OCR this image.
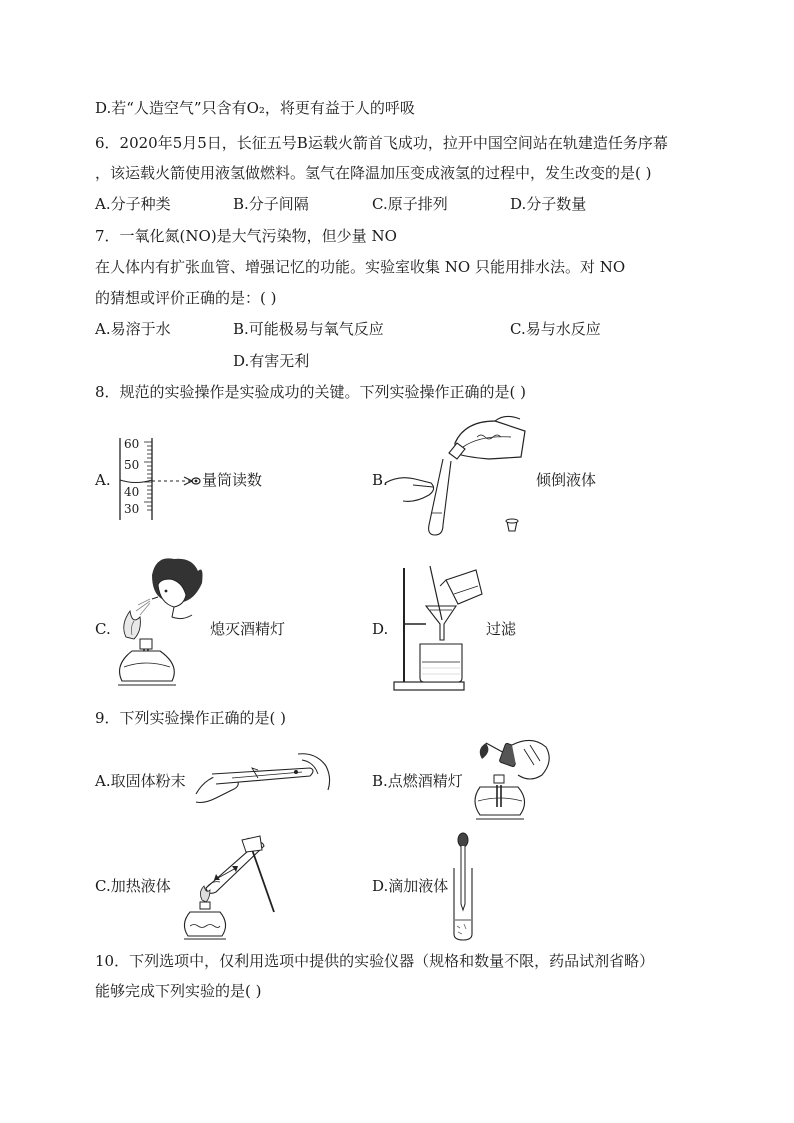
D.若“人造空气”只含有O₂，将更有益于人的呼吸
6．2020年5月5日，长征五号B运载火箭首飞成功，拉开中国空间站在轨建造任务序幕
，该运载火箭使用液氢做燃料。氢气在降温加压变成液氢的过程中，发生改变的是( )
A.分子种类	B.分子间隔	C.原子排列	D.分子数量
7．一氧化氮(NO)是大气污染物，但少量 NO
在人体内有扩张血管、增强记忆的功能。实验室收集 NO 只能用排水法。对 NO
的猜想或评价正确的是：( )
A.易溶于水	B.可能极易与氧气反应	C.易与水反应
D.有害无利
8．规范的实验操作是实验成功的关键。下列实验操作正确的是( )
A.
60
50
40
30
量筒读数	B.	倾倒液体
C.	熄灭酒精灯	D.	过滤
9．下列实验操作正确的是( )
A.取固体粉末	B.点燃酒精灯
C.加热液体	D.滴加液体
10．下列选项中，仅利用选项中提供的实验仪器（规格和数量不限，药品试剂省略）
能够完成下列实验的是( )
